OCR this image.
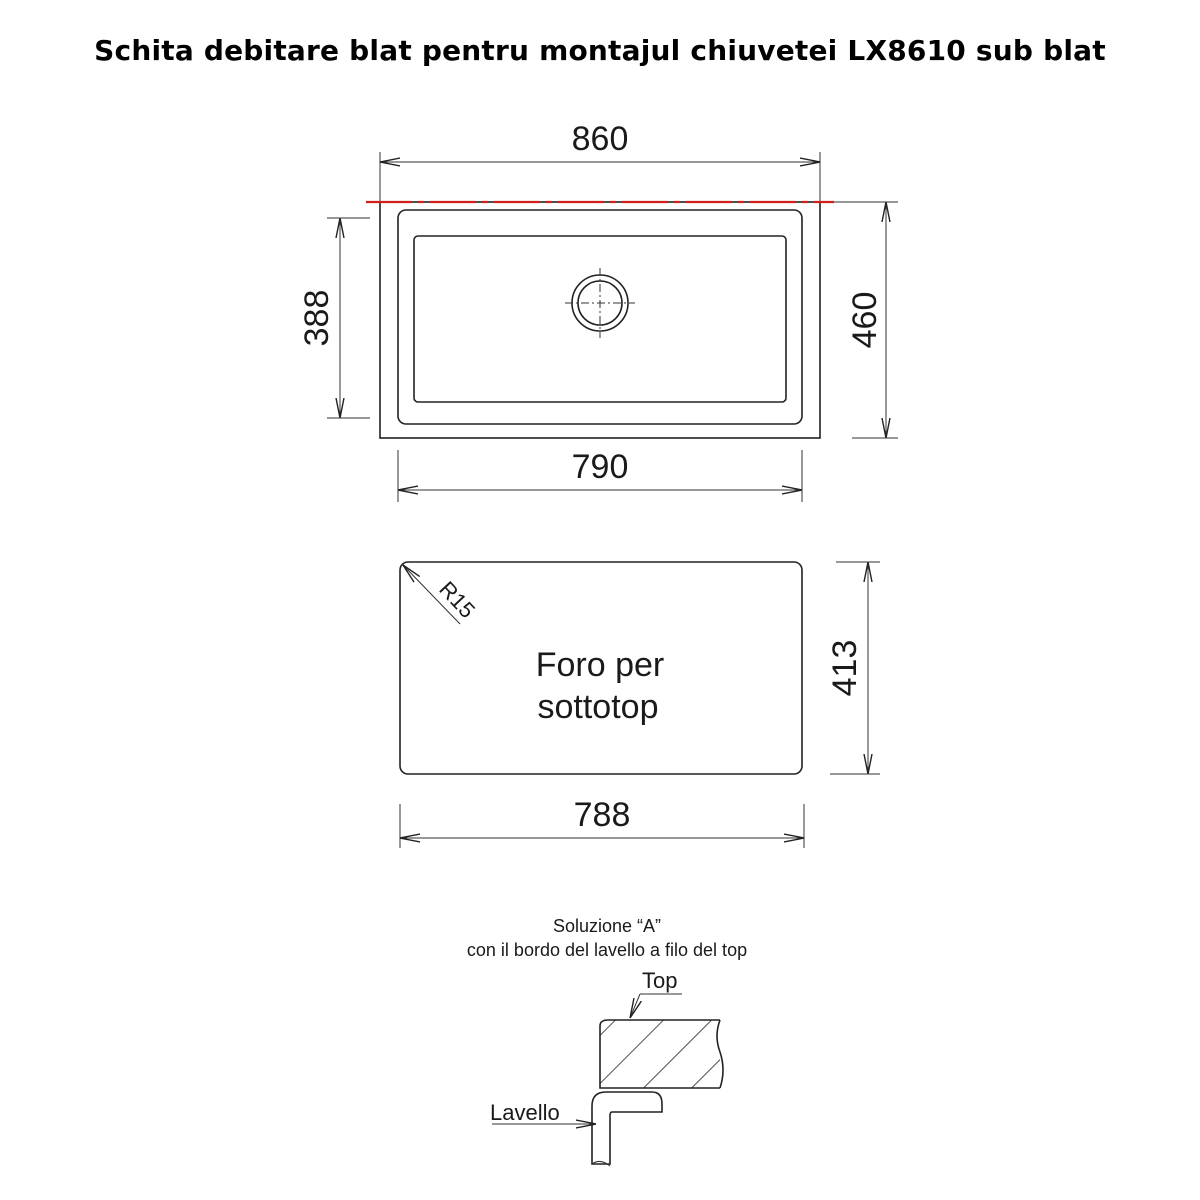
Schita debitare blat pentru montajul chiuvetei LX8610 sub blat
860
388	460
790
R15
Foro per
sottotop
413
788
Soluzione “A”
con il bordo del lavello a filo del top
Top
Lavello
